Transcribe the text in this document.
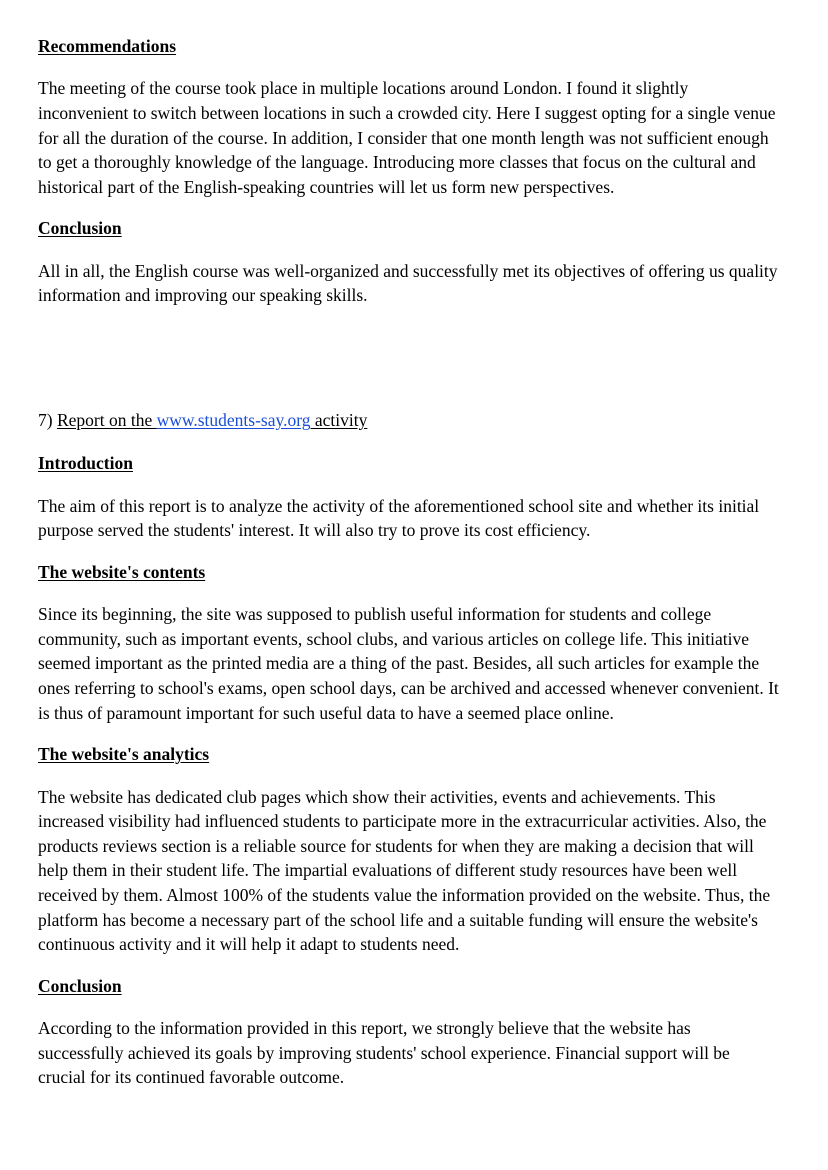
Recommendations

The meeting of the course took place in multiple locations around London. I found it slightly inconvenient to switch between locations in such a crowded city. Here I suggest opting for a single venue for all the duration of the course. In addition, I consider that one month length was not sufficient enough to get a thoroughly knowledge of the language. Introducing more classes that focus on the cultural and historical part of the English-speaking countries will let us form new perspectives.

Conclusion

All in all, the English course was well-organized and successfully met its objectives of offering us quality information and improving our speaking skills.

7) Report on the www.students-say.org activity

Introduction

The aim of this report is to analyze the activity of the aforementioned school site and whether its initial purpose served the students' interest. It will also try to prove its cost efficiency.

The website's contents

Since its beginning, the site was supposed to publish useful information for students and college community, such as important events, school clubs, and various articles on college life. This initiative seemed important as the printed media are a thing of the past. Besides, all such articles for example the ones referring to school's exams, open school days, can be archived and accessed whenever convenient. It is thus of paramount important for such useful data to have a seemed place online.

The website's analytics

The website has dedicated club pages which show their activities, events and achievements. This increased visibility had influenced students to participate more in the extracurricular activities. Also, the products reviews section is a reliable source for students for when they are making a decision that will help them in their student life. The impartial evaluations of different study resources have been well received by them. Almost 100% of the students value the information provided on the website. Thus, the platform has become a necessary part of the school life and a suitable funding will ensure the website's continuous activity and it will help it adapt to students need.

Conclusion

According to the information provided in this report, we strongly believe that the website has successfully achieved its goals by improving students' school experience. Financial support will be crucial for its continued favorable outcome.
